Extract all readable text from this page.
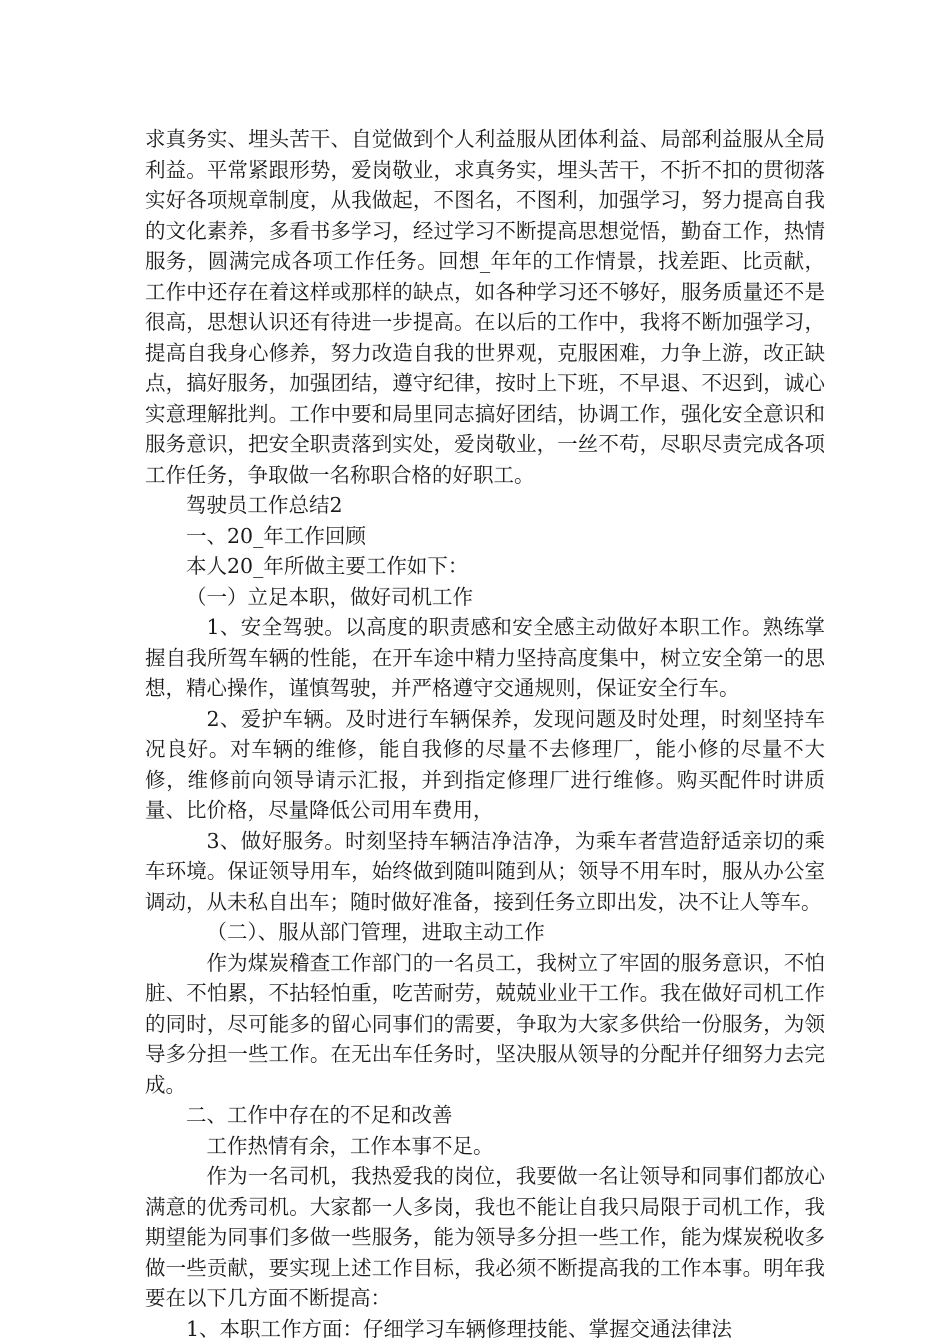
求真务实、埋头苦干、自觉做到个人利益服从团体利益、局部利益服从全局利益。平常紧跟形势，爱岗敬业，求真务实，埋头苦干，不折不扣的贯彻落实好各项规章制度，从我做起，不图名，不图利，加强学习，努力提高自我的文化素养，多看书多学习，经过学习不断提高思想觉悟，勤奋工作，热情服务，圆满完成各项工作任务。回想_年年的工作情景，找差距、比贡献，工作中还存在着这样或那样的缺点，如各种学习还不够好，服务质量还不是很高，思想认识还有待进一步提高。在以后的工作中，我将不断加强学习，提高自我身心修养，努力改造自我的世界观，克服困难，力争上游，改正缺点，搞好服务，加强团结，遵守纪律，按时上下班，不早退、不迟到，诚心实意理解批判。工作中要和局里同志搞好团结，协调工作，强化安全意识和服务意识，把安全职责落到实处，爱岗敬业，一丝不苟，尽职尽责完成各项工作任务，争取做一名称职合格的好职工。

驾驶员工作总结2

一、20_年工作回顾

本人20_年所做主要工作如下：

（一）立足本职，做好司机工作

1、安全驾驶。以高度的职责感和安全感主动做好本职工作。熟练掌握自我所驾车辆的性能，在开车途中精力坚持高度集中，树立安全第一的思想，精心操作，谨慎驾驶，并严格遵守交通规则，保证安全行车。

2、爱护车辆。及时进行车辆保养，发现问题及时处理，时刻坚持车况良好。对车辆的维修，能自我修的尽量不去修理厂，能小修的尽量不大修，维修前向领导请示汇报，并到指定修理厂进行维修。购买配件时讲质量、比价格，尽量降低公司用车费用，

3、做好服务。时刻坚持车辆洁净洁净，为乘车者营造舒适亲切的乘车环境。保证领导用车，始终做到随叫随到从；领导不用车时，服从办公室调动，从未私自出车；随时做好准备，接到任务立即出发，决不让人等车。

（二）、服从部门管理，进取主动工作

作为煤炭稽查工作部门的一名员工，我树立了牢固的服务意识，不怕脏、不怕累，不拈轻怕重，吃苦耐劳，兢兢业业干工作。我在做好司机工作的同时，尽可能多的留心同事们的需要，争取为大家多供给一份服务，为领导多分担一些工作。在无出车任务时，坚决服从领导的分配并仔细努力去完成。

二、工作中存在的不足和改善

工作热情有余，工作本事不足。

作为一名司机，我热爱我的岗位，我要做一名让领导和同事们都放心满意的优秀司机。大家都一人多岗，我也不能让自我只局限于司机工作，我期望能为同事们多做一些服务，能为领导多分担一些工作，能为煤炭税收多做一些贡献，要实现上述工作目标，我必须不断提高我的工作本事。明年我要在以下几方面不断提高：

1、本职工作方面：仔细学习车辆修理技能、掌握交通法律法
